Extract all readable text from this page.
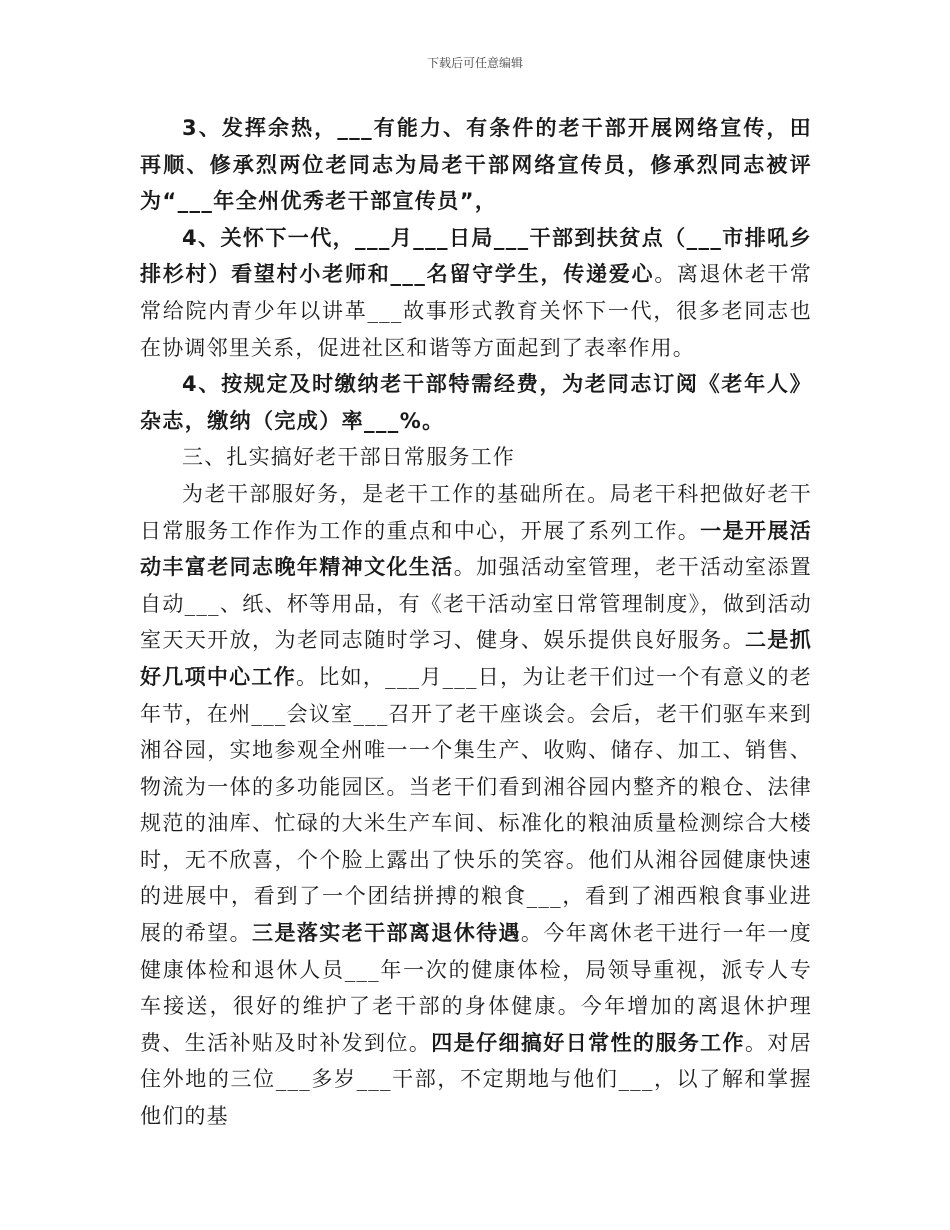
下载后可任意编辑

3、发挥余热，___有能力、有条件的老干部开展网络宣传，田再顺、修承烈两位老同志为局老干部网络宣传员，修承烈同志被评为“___年全州优秀老干部宣传员”，

4、关怀下一代，___月___日局___干部到扶贫点（___市排吼乡排杉村）看望村小老师和___名留守学生，传递爱心。离退休老干常常给院内青少年以讲革___故事形式教育关怀下一代，很多老同志也在协调邻里关系，促进社区和谐等方面起到了表率作用。

4、按规定及时缴纳老干部特需经费，为老同志订阅《老年人》杂志，缴纳（完成）率___%。

三、扎实搞好老干部日常服务工作

为老干部服好务，是老干工作的基础所在。局老干科把做好老干日常服务工作作为工作的重点和中心，开展了系列工作。一是开展活动丰富老同志晚年精神文化生活。加强活动室管理，老干活动室添置自动___、纸、杯等用品，有《老干活动室日常管理制度》，做到活动室天天开放，为老同志随时学习、健身、娱乐提供良好服务。二是抓好几项中心工作。比如，___月___日，为让老干们过一个有意义的老年节，在州___会议室___召开了老干座谈会。会后，老干们驱车来到湘谷园，实地参观全州唯一一个集生产、收购、储存、加工、销售、物流为一体的多功能园区。当老干们看到湘谷园内整齐的粮仓、法律规范的油库、忙碌的大米生产车间、标准化的粮油质量检测综合大楼时，无不欣喜，个个脸上露出了快乐的笑容。他们从湘谷园健康快速的进展中，看到了一个团结拼搏的粮食___，看到了湘西粮食事业进展的希望。三是落实老干部离退休待遇。今年离休老干进行一年一度健康体检和退休人员___年一次的健康体检，局领导重视，派专人专车接送，很好的维护了老干部的身体健康。今年增加的离退休护理费、生活补贴及时补发到位。四是仔细搞好日常性的服务工作。对居住外地的三位___多岁___干部，不定期地与他们___，以了解和掌握他们的基
